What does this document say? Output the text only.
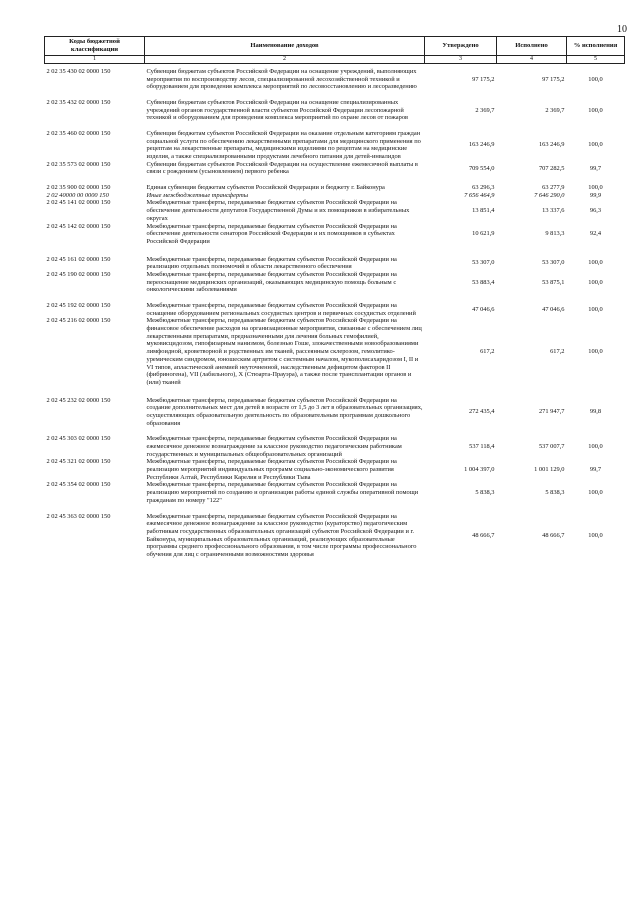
10
Коды бюджетной классификации	Наименование доходов	Утверждено	Исполнено	% исполнения
1	2	3	4	5
2 02 35 430 02 0000 150	Субвенции бюджетам субъектов Российской Федерации на оснащение учреждений, выполняющих мероприятия по воспроизводству лесов, специализированной лесохозяйственной техникой и оборудованием для проведения комплекса мероприятий по лесовосстановлению и лесоразведению	97 175,2	97 175,2	100,0
2 02 35 432 02 0000 150	Субвенции бюджетам субъектов Российской Федерации на оснащение специализированных учреждений органов государственной власти субъектов Российской Федерации лесопожарной техникой и оборудованием для проведения комплекса мероприятий по охране лесов от пожаров	2 369,7	2 369,7	100,0
2 02 35 460 02 0000 150	Субвенция бюджетам субъектов Российской Федерации на оказание отдельным категориям граждан социальной услуги по обеспечению лекарственными препаратами для медицинского применения по рецептам на лекарственные препараты, медицинскими изделиями по рецептам на медицинские изделия, а также специализированными продуктами лечебного питания для детей-инвалидов	163 246,9	163 246,9	100,0
2 02 35 573 02 0000 150	Субвенции бюджетам субъектов Российской Федерации на осуществление ежемесячной выплаты в связи с рождением (усыновлением) первого ребенка	709 554,0	707 282,5	99,7
2 02 35 900 02 0000 150	Единая субвенция бюджетам субъектов Российской Федерации и бюджету г. Байконура	63 296,3	63 277,9	100,0
2 02 40000 00 0000 150	Иные межбюджетные трансферты	7 656 464,9	7 646 290,0	99,9
2 02 45 141 02 0000 150	Межбюджетные трансферты, передаваемые бюджетам субъектов Российской Федерации на обеспечение деятельности депутатов Государственной Думы и их помощников в избирательных округах	13 851,4	13 337,6	96,3
2 02 45 142 02 0000 150	Межбюджетные трансферты, передаваемые бюджетам субъектов Российской Федерации на обеспечение деятельности сенаторов Российской Федерации и их помощников в субъектах Российской Федерации	10 621,9	9 813,3	92,4
2 02 45 161 02 0000 150	Межбюджетные трансферты, передаваемые бюджетам субъектов Российской Федерации на реализацию отдельных полномочий в области лекарственного обеспечения	53 307,0	53 307,0	100,0
2 02 45 190 02 0000 150	Межбюджетные трансферты, передаваемые бюджетам субъектов Российской Федерации на переоснащение медицинских организаций, оказывающих медицинскую помощь больным с онкологическими заболеваниями	53 883,4	53 875,1	100,0
2 02 45 192 02 0000 150	Межбюджетные трансферты, передаваемые бюджетам субъектов Российской Федерации на оснащение оборудованием региональных сосудистых центров и первичных сосудистых отделений	47 046,6	47 046,6	100,0
2 02 45 216 02 0000 150	Межбюджетные трансферты, передаваемые бюджетам субъектов Российской Федерации на финансовое обеспечение расходов на организационные мероприятия, связанные с обеспечением лиц лекарственными препаратами, предназначенными для лечения больных гемофилией, муковисцидозом, гипофизарным нанизмом, болезнью Гоше, злокачественными новообразованиями лимфоидной, кроветворной и родственных им тканей, рассеянным склерозом, гемолитико-уремическим синдромом, юношеским артритом с системным началом, мукополисахаридозом I, II и VI типов, апластической анемией неуточненной, наследственным дефицитом факторов II (фибриногена), VII (лабильного), X (Стюарта-Прауэра), а также после трансплантации органов и (или) тканей	617,2	617,2	100,0
2 02 45 232 02 0000 150	Межбюджетные трансферты, передаваемые бюджетам субъектов Российской Федерации на создание дополнительных мест для детей в возрасте от 1,5 до 3 лет в образовательных организациях, осуществляющих образовательную деятельность по образовательным программам дошкольного образования	272 435,4	271 947,7	99,8
2 02 45 303 02 0000 150	Межбюджетные трансферты, передаваемые бюджетам субъектов Российской Федерации на ежемесячное денежное вознаграждение за классное руководство педагогическим работникам государственных и муниципальных общеобразовательных организаций	537 118,4	537 007,7	100,0
2 02 45 321 02 0000 150	Межбюджетные трансферты, передаваемые бюджетам субъектов Российской Федерации на реализацию мероприятий индивидуальных программ социально-экономического развития Республики Алтай, Республики Карелия и Республики Тыва	1 004 397,0	1 001 129,0	99,7
2 02 45 354 02 0000 150	Межбюджетные трансферты, передаваемые бюджетам субъектов Российской Федерации на реализацию мероприятий по созданию и организации работы единой службы оперативной помощи гражданам по номеру "122"	5 838,3	5 838,3	100,0
2 02 45 363 02 0000 150	Межбюджетные трансферты, передаваемые бюджетам субъектов Российской Федерации на ежемесячное денежное вознаграждение за классное руководство (кураторство) педагогическим работникам государственных образовательных организаций субъектов Российской Федерации и г. Байконура, муниципальных образовательных организаций, реализующих образовательные программы среднего профессионального образования, в том числе программы профессионального обучения для лиц с ограниченными возможностями здоровья	48 666,7	48 666,7	100,0
